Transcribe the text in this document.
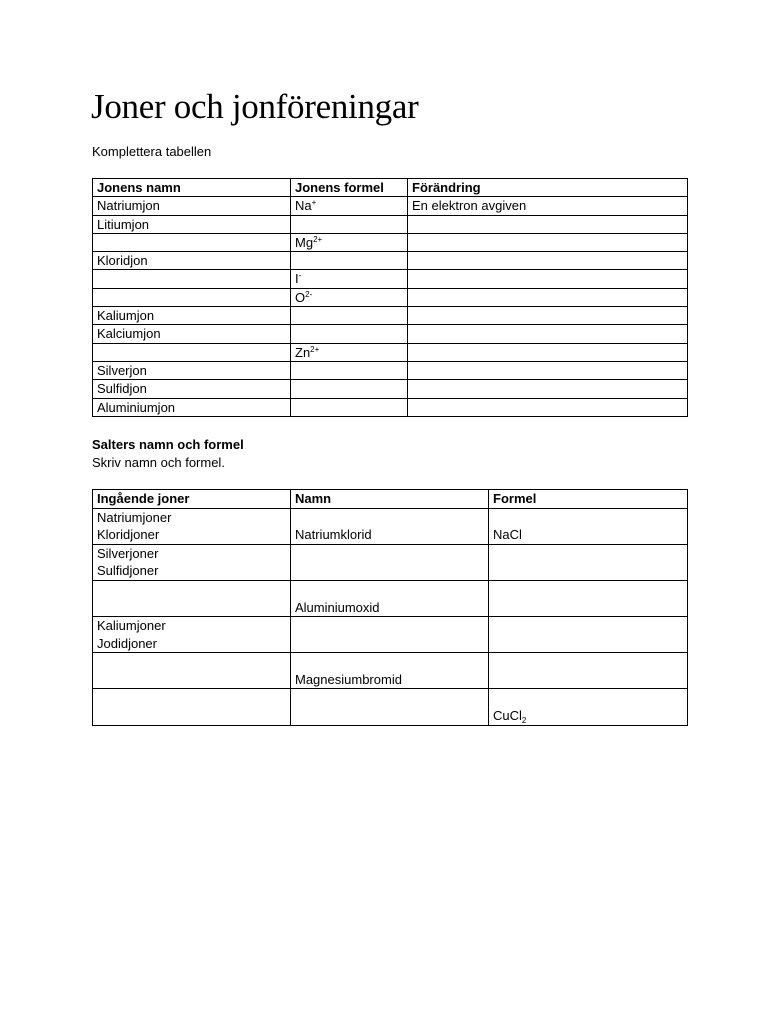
Joner och jonföreningar
Komplettera tabellen
Jonens namn	Jonens formel	Förändring
Natriumjon	Na+	En elektron avgiven
Litiumjon		
	$Mg^{2+}$	
Kloridjon		
	I-	
	$O^{2-}$	
Kaliumjon		
Kalciumjon		
	$Zn^{2+}$	
Silverjon		
Sulfidjon		
Aluminiumjon		
Salters namn och formel
Skriv namn och formel.
Ingående joner	Namn	Formel

Natriumjoner
Kloridjoner	Natriumklorid	NaCl

Silverjoner
Sulfidjoner		

	Aluminiumoxid	

Kaliumjoner
Jodidjoner		

	Magnesiumbromid	

		CuCl$_2$
